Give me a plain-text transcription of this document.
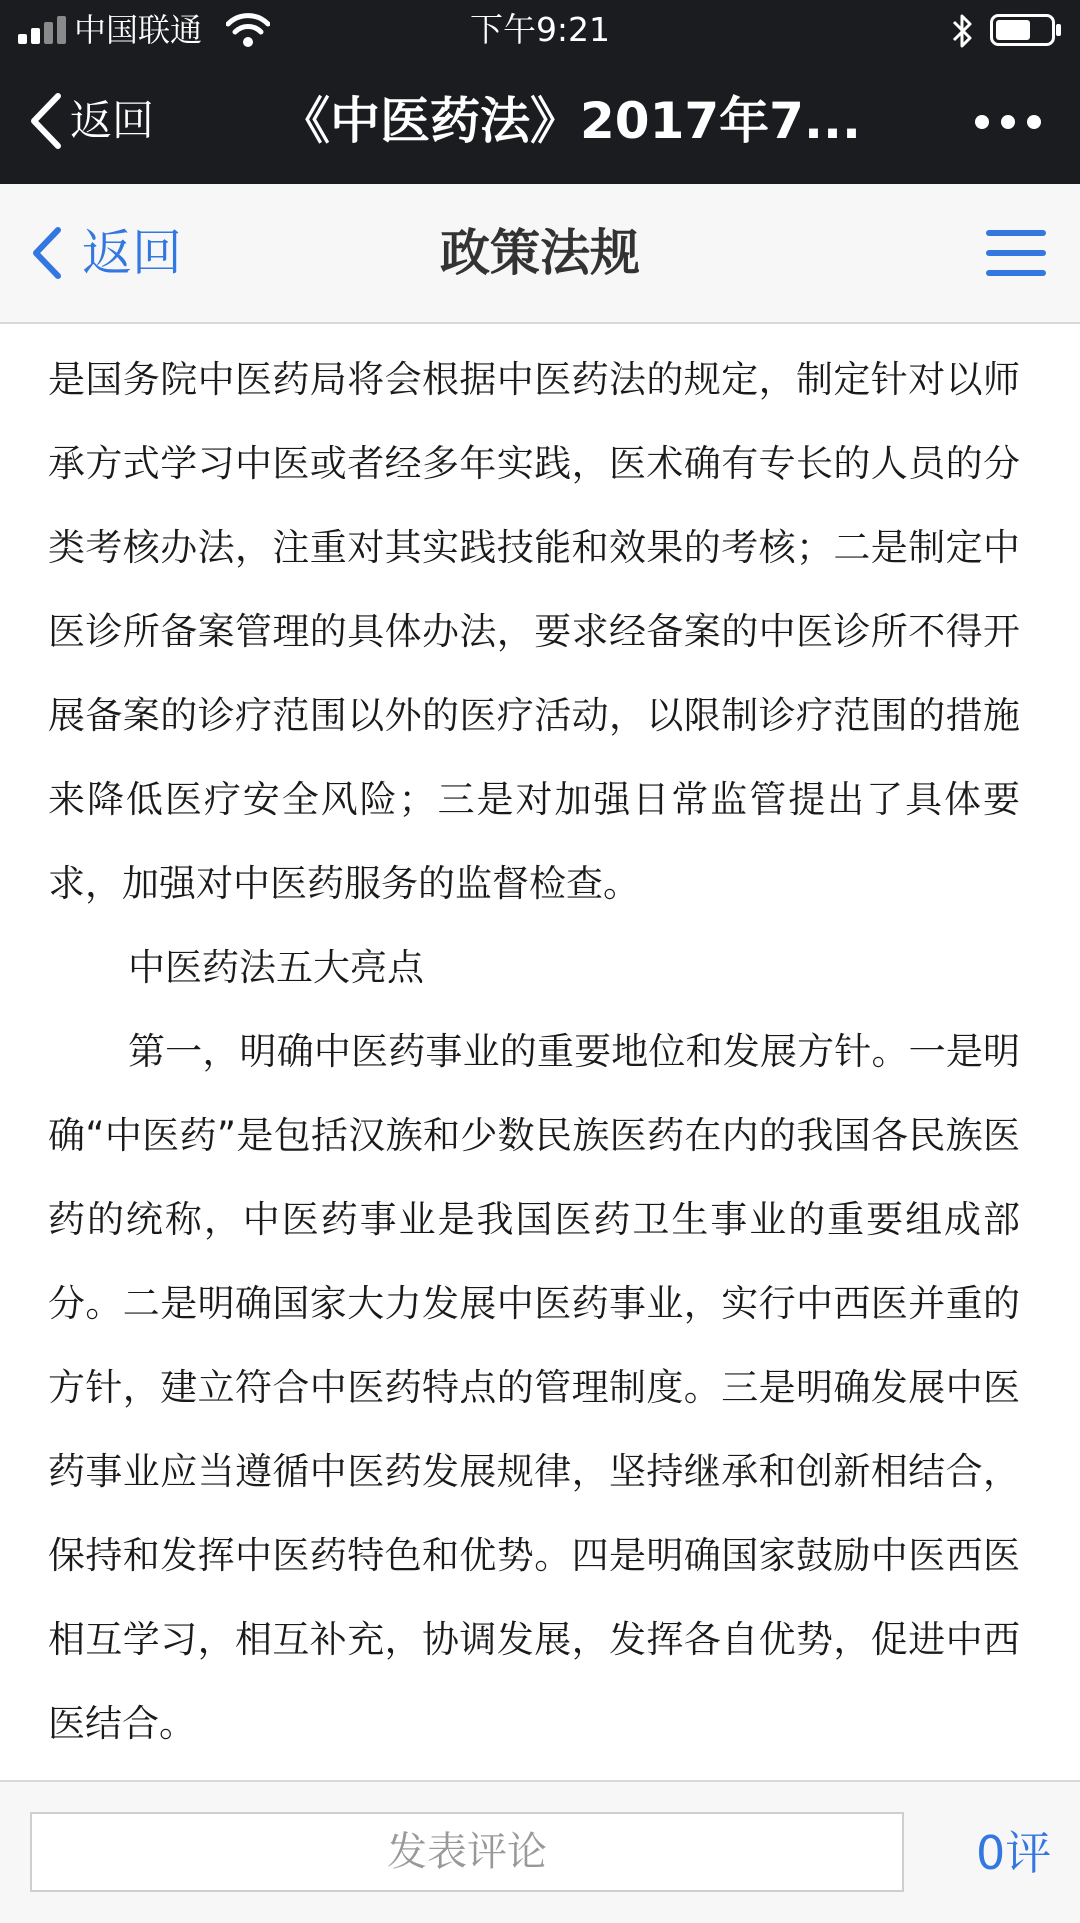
中国联通	下午9:21
返回	《中医药法》2017年7...
返回	政策法规

是国务院中医药局将会根据中医药法的规定，制定针对以师承方式学习中医或者经多年实践，医术确有专长的人员的分类考核办法，注重对其实践技能和效果的考核；二是制定中医诊所备案管理的具体办法，要求经备案的中医诊所不得开展备案的诊疗范围以外的医疗活动，以限制诊疗范围的措施来降低医疗安全风险；三是对加强日常监管提出了具体要求，加强对中医药服务的监督检查。

中医药法五大亮点

第一，明确中医药事业的重要地位和发展方针。一是明确“中医药”是包括汉族和少数民族医药在内的我国各民族医药的统称，中医药事业是我国医药卫生事业的重要组成部分。二是明确国家大力发展中医药事业，实行中西医并重的方针，建立符合中医药特点的管理制度。三是明确发展中医药事业应当遵循中医药发展规律，坚持继承和创新相结合，保持和发挥中医药特色和优势。四是明确国家鼓励中医西医相互学习，相互补充，协调发展，发挥各自优势，促进中西医结合。

发表评论
0评
